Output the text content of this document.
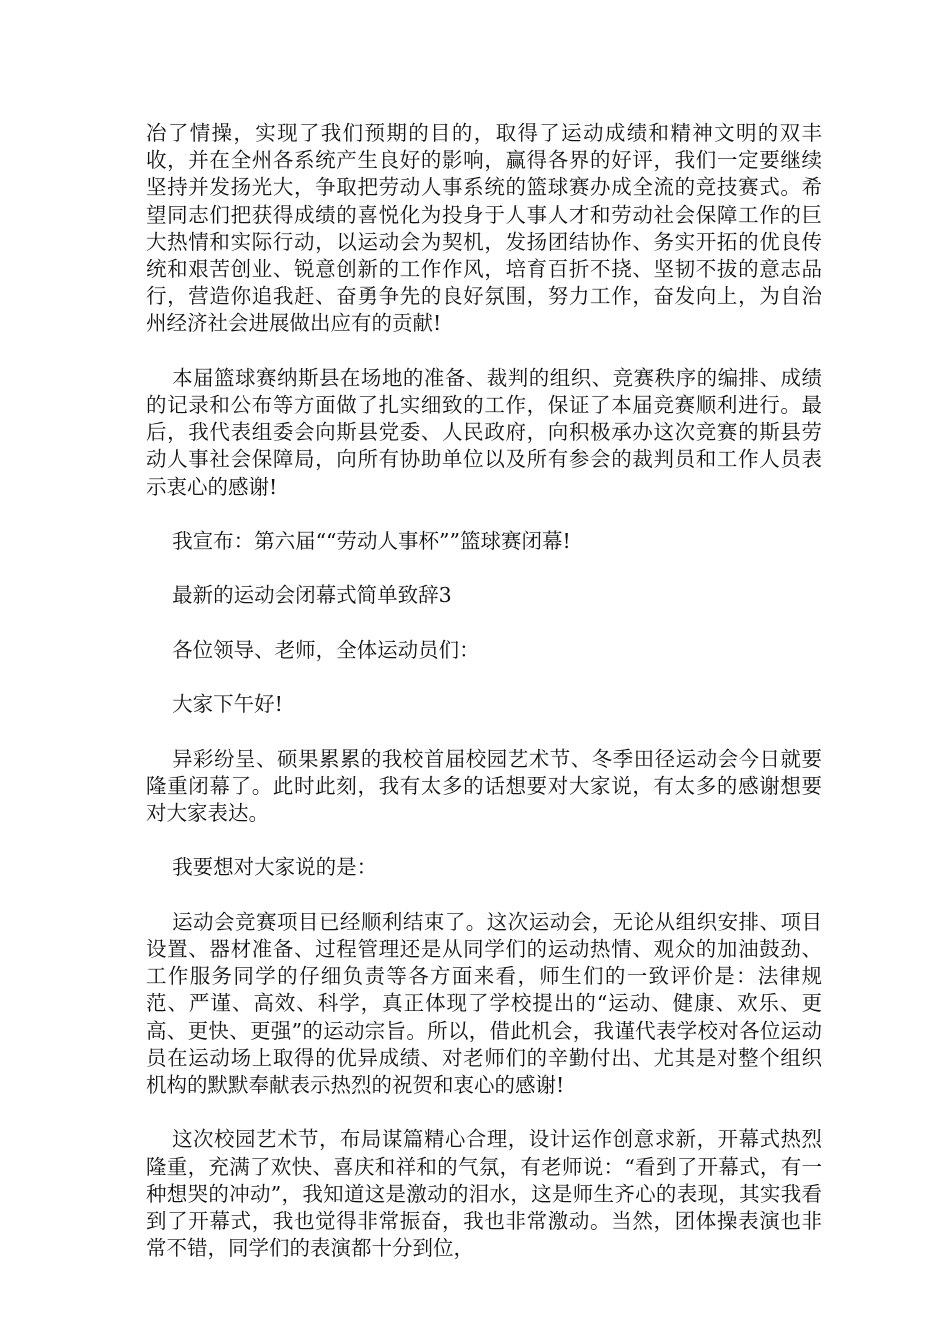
冶了情操，实现了我们预期的目的，取得了运动成绩和精神文明的双丰收，并在全州各系统产生良好的影响，赢得各界的好评，我们一定要继续坚持并发扬光大，争取把劳动人事系统的篮球赛办成全流的竞技赛式。希望同志们把获得成绩的喜悦化为投身于人事人才和劳动社会保障工作的巨大热情和实际行动，以运动会为契机，发扬团结协作、务实开拓的优良传统和艰苦创业、锐意创新的工作作风，培育百折不挠、坚韧不拔的意志品行，营造你追我赶、奋勇争先的良好氛围，努力工作，奋发向上，为自治州经济社会进展做出应有的贡献!

本届篮球赛纳斯县在场地的准备、裁判的组织、竞赛秩序的编排、成绩的记录和公布等方面做了扎实细致的工作，保证了本届竞赛顺利进行。最后，我代表组委会向斯县党委、人民政府，向积极承办这次竞赛的斯县劳动人事社会保障局，向所有协助单位以及所有参会的裁判员和工作人员表示衷心的感谢!

我宣布：第六届““劳动人事杯””篮球赛闭幕!

最新的运动会闭幕式简单致辞3

各位领导、老师，全体运动员们：

大家下午好!

异彩纷呈、硕果累累的我校首届校园艺术节、冬季田径运动会今日就要隆重闭幕了。此时此刻，我有太多的话想要对大家说，有太多的感谢想要对大家表达。

我要想对大家说的是：

运动会竞赛项目已经顺利结束了。这次运动会，无论从组织安排、项目设置、器材准备、过程管理还是从同学们的运动热情、观众的加油鼓劲、工作服务同学的仔细负责等各方面来看，师生们的一致评价是：法律规范、严谨、高效、科学，真正体现了学校提出的“运动、健康、欢乐、更高、更快、更强”的运动宗旨。所以，借此机会，我谨代表学校对各位运动员在运动场上取得的优异成绩、对老师们的辛勤付出、尤其是对整个组织机构的默默奉献表示热烈的祝贺和衷心的感谢!

这次校园艺术节，布局谋篇精心合理，设计运作创意求新，开幕式热烈隆重，充满了欢快、喜庆和祥和的气氛，有老师说：“看到了开幕式，有一种想哭的冲动”，我知道这是激动的泪水，这是师生齐心的表现，其实我看到了开幕式，我也觉得非常振奋，我也非常激动。当然，团体操表演也非常不错，同学们的表演都十分到位，
